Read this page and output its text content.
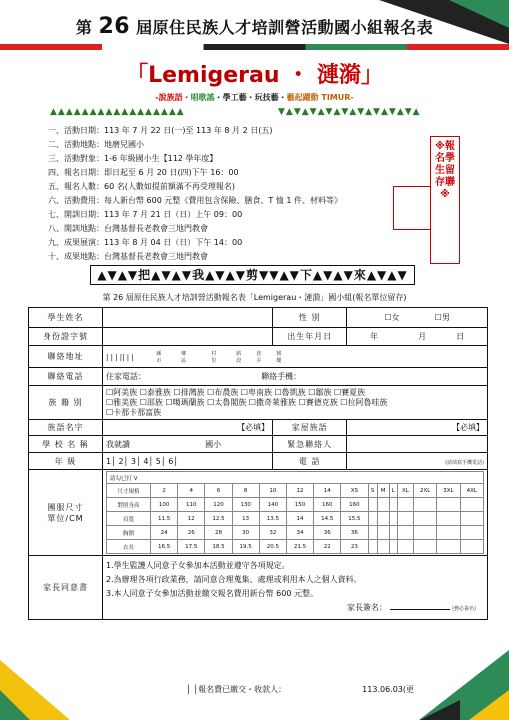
第 26 屆原住民族人才培訓營活動國小組報名表
「Lemigerau ・ 漣漪」
-說族語・唱歌謠・學工藝・玩技藝・藝起躍動 TIMUR-
▲▲▲▲▲▲▲▲▲▲▲▲▲▲▲▲▲	▼▲▼▲▼▲▼▲▼▲▼▲▼▲▼▲▼▲
一、活動日期：113 年 7 月 22 日(一)至 113 年 8 月 2 日(五)
二、活動地點：地磨兒國小
三、活動對象：1-6 年級國小生【112 學年度】
四、報名日期：即日起至 6 月 20 日(四)下午 16：00
五、報名人數：60 名(人數如提前額滿不再受理報名)
六、活動費用：每人新台幣 600 元整《費用包含保險、膳食、T 恤 1 件、材料等》
七、開訓日期：113 年 7 月 21 日（日）上午 09：00
八、開訓地點：台灣基督長老教會三地門教會
九、成果展演：113 年 8 月 04 日（日）下午 14：00
十、成果地點：台灣基督長老教會三地門教會
※報名學生留存聯※
▲▼▲▼把▲▼▲▼我▲▼▲▼剪▼▼▲▼下▲▼▲▼來▲▼▲▼
第 26 屆原住民族人才培訓營活動報名表「Lemigerau・漣漪」國小組(報名單位留存)
學生姓名		性 別	☐女	☐男
身份證字號		出生年月日	年	月	日
聯絡地址	| | | || | |	縣　　　　鄉　　　　　村　　　　路　　　巷　　　號
市　　　　區　　　　　里　　　　段　　　弄　　　樓

聯絡電話	住家電話：	聯絡手機：
族 籍 別	
☐阿美族 ☐泰雅族 ☐排灣族 ☐布農族 ☐卑南族 ☐魯凱族 ☐鄒族 ☐賽夏族
☐雅美族 ☐邵族 ☐噶瑪蘭族 ☐太魯閣族 ☐撒奇萊雅族 ☐賽德克族 ☐拉阿魯哇族
☐卡那卡那富族

族語名字	【必填】	家屋族語	【必填】
學 校 名 稱	我就讀	國小	緊急聯絡人	
年 級	1│ 2│ 3│ 4│ 5│ 6│	電 話	(請填寫手機電話)
團服尺寸
單位/CM	
請勾已打 V
尺寸規格	2	4	6	8	10	12	14	XS	S	M	L	XL	2XL	3XL	4XL
對照身高	100	110	120	130	140	150	160	160							
肩寬	11.5	12	12.5	13	13.5	14	14.5	15.5							
胸圍	24	26	28	30	32	34	36	36							
衣長	16.5	17.5	18.5	19.5	20.5	21.5	22	23							

家長同意書	
1.學生監護人同意子女參加本活動並遵守各項規定。
2.為辦理各項行政業務，請同意合理蒐集、處理或利用本人之個人資料。
3.本人同意子女參加活動並繳交報名費用新台幣 600 元整。
家長簽名：	(務必簽名)
│ │報名費已繳交・收款人：　　　　　　　　　　113.06.03(更
